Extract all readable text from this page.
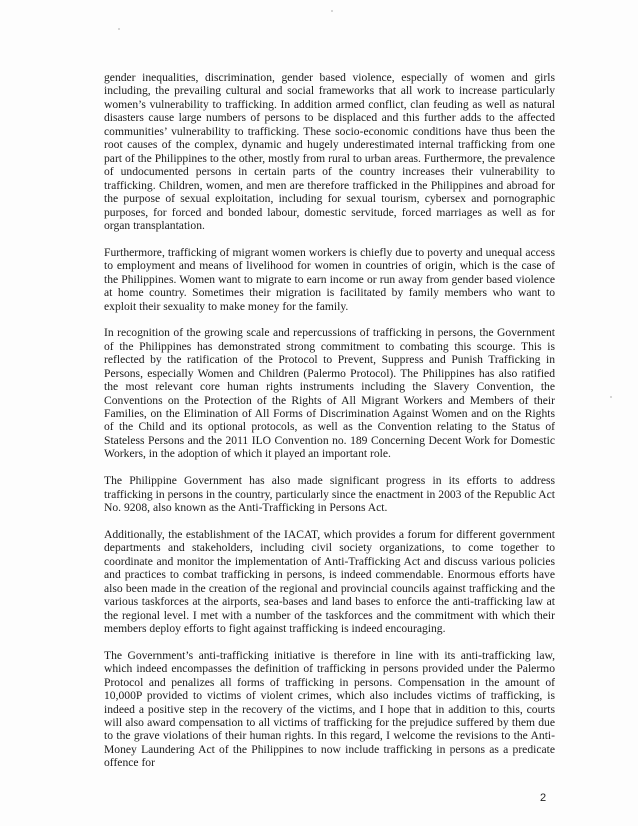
gender inequalities, discrimination, gender based violence, especially of women and girls including, the prevailing cultural and social frameworks that all work to increase particularly women’s vulnerability to trafficking. In addition armed conflict, clan feuding as well as natural disasters cause large numbers of persons to be displaced and this further adds to the affected communities’ vulnerability to trafficking. These socio-economic conditions have thus been the root causes of the complex, dynamic and hugely underestimated internal trafficking from one part of the Philippines to the other, mostly from rural to urban areas. Furthermore, the prevalence of undocumented persons in certain parts of the country increases their vulnerability to trafficking. Children, women, and men are therefore trafficked in the Philippines and abroad for the purpose of sexual exploitation, including for sexual tourism, cybersex and pornographic purposes, for forced and bonded labour, domestic servitude, forced marriages as well as for organ transplantation.

Furthermore, trafficking of migrant women workers is chiefly due to poverty and unequal access to employment and means of livelihood for women in countries of origin, which is the case of the Philippines. Women want to migrate to earn income or run away from gender based violence at home country. Sometimes their migration is facilitated by family members who want to exploit their sexuality to make money for the family.

In recognition of the growing scale and repercussions of trafficking in persons, the Government of the Philippines has demonstrated strong commitment to combating this scourge. This is reflected by the ratification of the Protocol to Prevent, Suppress and Punish Trafficking in Persons, especially Women and Children (Palermo Protocol). The Philippines has also ratified the most relevant core human rights instruments including the Slavery Convention, the Conventions on the Protection of the Rights of All Migrant Workers and Members of their Families, on the Elimination of All Forms of Discrimination Against Women and on the Rights of the Child and its optional protocols, as well as the Convention relating to the Status of Stateless Persons and the 2011 ILO Convention no. 189 Concerning Decent Work for Domestic Workers, in the adoption of which it played an important role.

The Philippine Government has also made significant progress in its efforts to address trafficking in persons in the country, particularly since the enactment in 2003 of the Republic Act No. 9208, also known as the Anti-Trafficking in Persons Act.

Additionally, the establishment of the IACAT, which provides a forum for different government departments and stakeholders, including civil society organizations, to come together to coordinate and monitor the implementation of Anti-Trafficking Act and discuss various policies and practices to combat trafficking in persons, is indeed commendable. Enormous efforts have also been made in the creation of the regional and provincial councils against trafficking and the various taskforces at the airports, sea-bases and land bases to enforce the anti-trafficking law at the regional level. I met with a number of the taskforces and the commitment with which their members deploy efforts to fight against trafficking is indeed encouraging.

The Government’s anti-trafficking initiative is therefore in line with its anti-trafficking law, which indeed encompasses the definition of trafficking in persons provided under the Palermo Protocol and penalizes all forms of trafficking in persons. Compensation in the amount of 10,000P provided to victims of violent crimes, which also includes victims of trafficking, is indeed a positive step in the recovery of the victims, and I hope that in addition to this, courts will also award compensation to all victims of trafficking for the prejudice suffered by them due to the grave violations of their human rights. In this regard, I welcome the revisions to the Anti-Money Laundering Act of the Philippines to now include trafficking in persons as a predicate offence for

2
